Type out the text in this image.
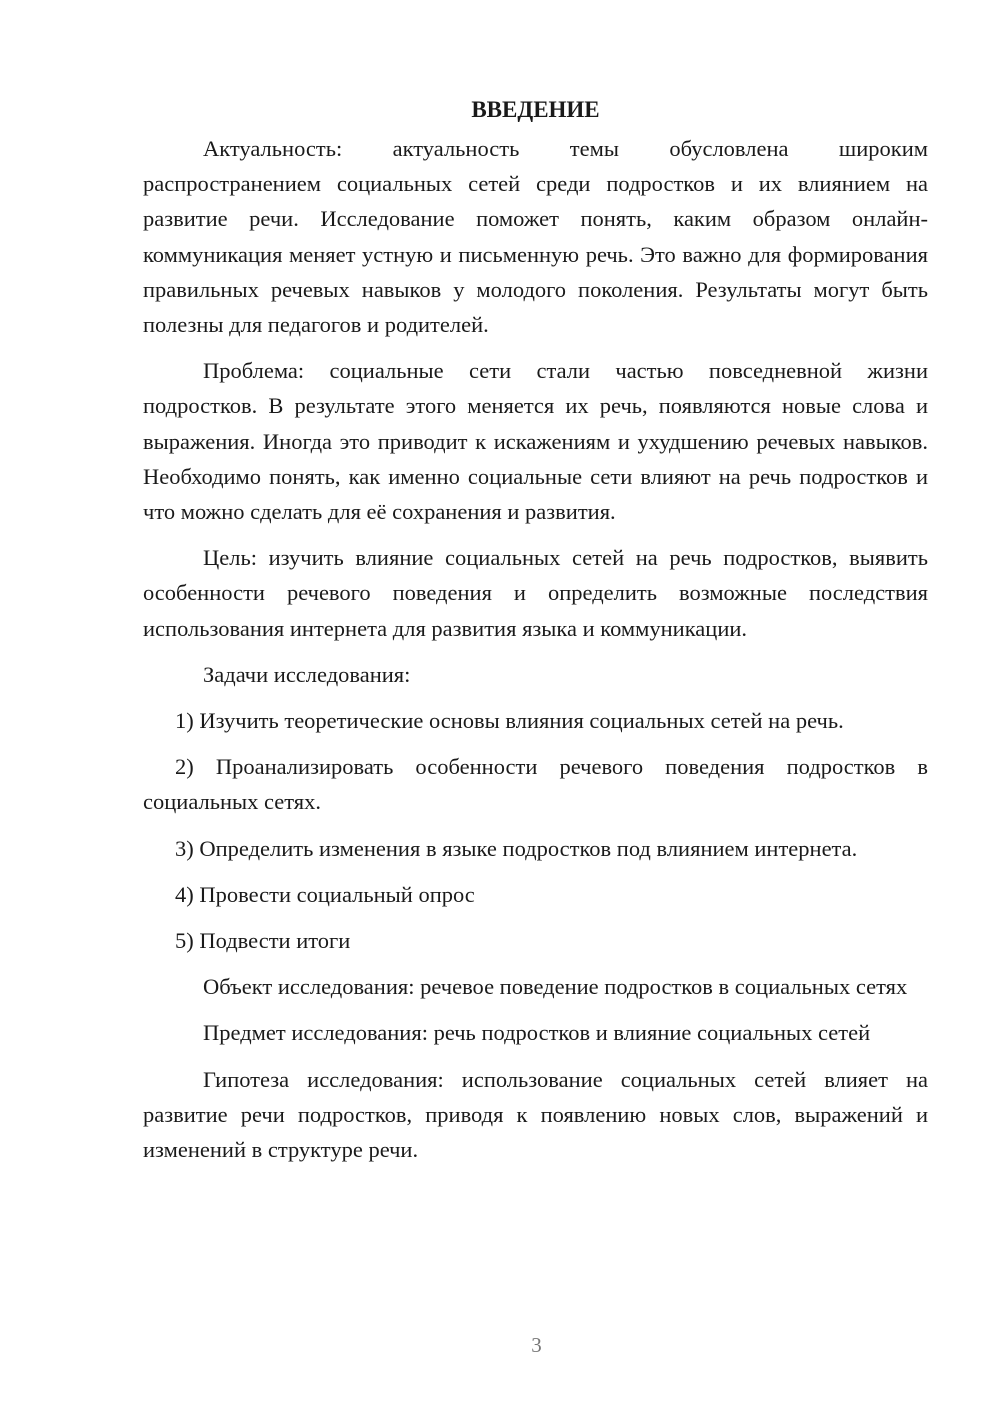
ВВЕДЕНИЕ

Актуальность: актуальность темы обусловлена широким распространением социальных сетей среди подростков и их влиянием на развитие речи. Исследование поможет понять, каким образом онлайн-коммуникация меняет устную и письменную речь. Это важно для формирования правильных речевых навыков у молодого поколения. Результаты могут быть полезны для педагогов и родителей.

Проблема: социальные сети стали частью повседневной жизни подростков. В результате этого меняется их речь, появляются новые слова и выражения. Иногда это приводит к искажениям и ухудшению речевых навыков. Необходимо понять, как именно социальные сети влияют на речь подростков и что можно сделать для её сохранения и развития.

Цель: изучить влияние социальных сетей на речь подростков, выявить особенности речевого поведения и определить возможные последствия использования интернета для развития языка и коммуникации.

Задачи исследования:

1) Изучить теоретические основы влияния социальных сетей на речь.

2) Проанализировать особенности речевого поведения подростков в социальных сетях.

3) Определить изменения в языке подростков под влиянием интернета.

4) Провести социальный опрос

5) Подвести итоги

Объект исследования: речевое поведение подростков в социальных сетях

Предмет исследования: речь подростков и влияние социальных сетей

Гипотеза исследования: использование социальных сетей влияет на развитие речи подростков, приводя к появлению новых слов, выражений и изменений в структуре речи.

3
